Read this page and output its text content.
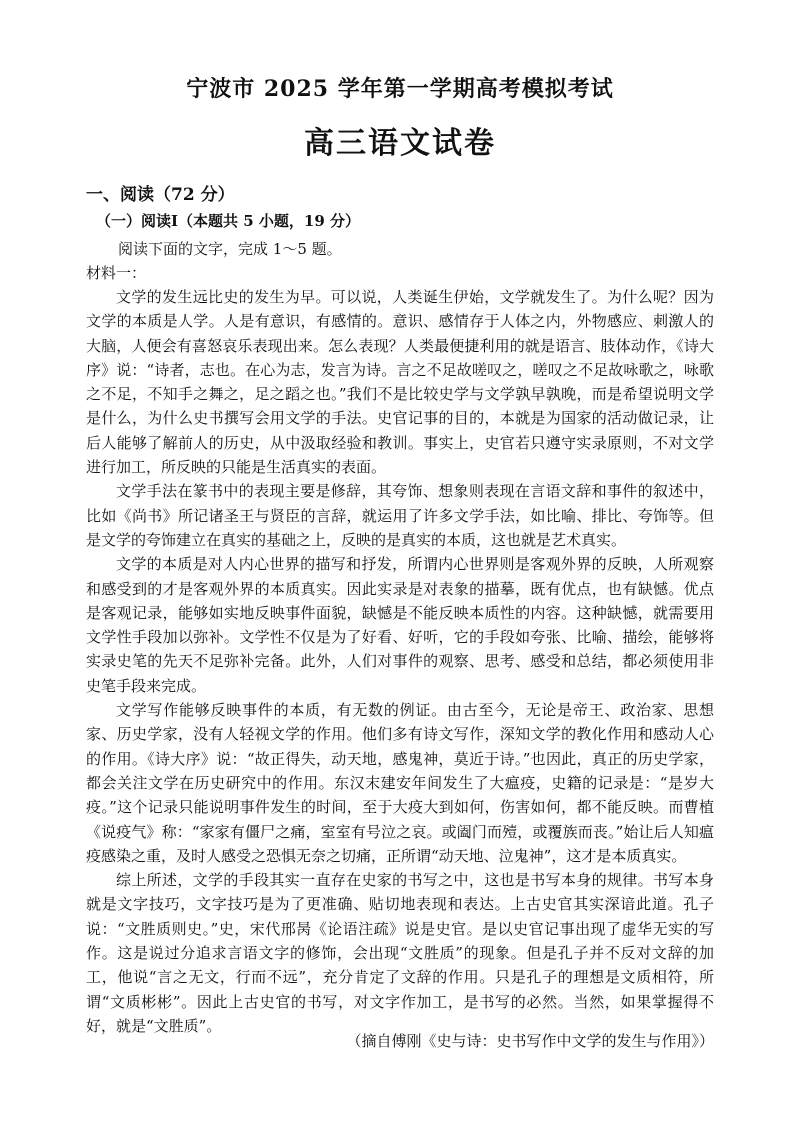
宁波市 2025 学年第一学期高考模拟考试
高三语文试卷
一、阅读（72 分）
（一）阅读Ⅰ（本题共 5 小题，19 分）
阅读下面的文字，完成 1～5 题。
材料一：

文学的发生远比史的发生为早。可以说，人类诞生伊始，文学就发生了。为什么呢？因为文学的本质是人学。人是有意识，有感情的。意识、感情存于人体之内，外物感应、刺激人的大脑，人便会有喜怒哀乐表现出来。怎么表现？人类最便捷利用的就是语言、肢体动作，《诗大序》说：“诗者，志也。在心为志，发言为诗。言之不足故嗟叹之，嗟叹之不足故咏歌之，咏歌之不足，不知手之舞之，足之蹈之也。”我们不是比较史学与文学孰早孰晚，而是希望说明文学是什么，为什么史书撰写会用文学的手法。史官记事的目的，本就是为国家的活动做记录，让后人能够了解前人的历史，从中汲取经验和教训。事实上，史官若只遵守实录原则，不对文学进行加工，所反映的只能是生活真实的表面。

文学手法在篆书中的表现主要是修辞，其夸饰、想象则表现在言语文辞和事件的叙述中，比如《尚书》所记诸圣王与贤臣的言辞，就运用了许多文学手法，如比喻、排比、夸饰等。但是文学的夸饰建立在真实的基础之上，反映的是真实的本质，这也就是艺术真实。

文学的本质是对人内心世界的描写和抒发，所谓内心世界则是客观外界的反映，人所观察和感受到的才是客观外界的本质真实。因此实录是对表象的描摹，既有优点，也有缺憾。优点是客观记录，能够如实地反映事件面貌，缺憾是不能反映本质性的内容。这种缺憾，就需要用文学性手段加以弥补。文学性不仅是为了好看、好听，它的手段如夸张、比喻、描绘，能够将实录史笔的先天不足弥补完备。此外，人们对事件的观察、思考、感受和总结，都必须使用非史笔手段来完成。

文学写作能够反映事件的本质，有无数的例证。由古至今，无论是帝王、政治家、思想家、历史学家，没有人轻视文学的作用。他们多有诗文写作，深知文学的教化作用和感动人心的作用。《诗大序》说：“故正得失，动天地，感鬼神，莫近于诗。”也因此，真正的历史学家，都会关注文学在历史研究中的作用。东汉末建安年间发生了大瘟疫，史籍的记录是：“是岁大疫。”这个记录只能说明事件发生的时间，至于大疫大到如何，伤害如何，都不能反映。而曹植《说疫气》称：“家家有僵尸之痛，室室有号泣之哀。或阖门而殪，或覆族而丧。”始让后人知瘟疫感染之重，及时人感受之恐惧无奈之切痛，正所谓“动天地、泣鬼神”，这才是本质真实。

综上所述，文学的手段其实一直存在史家的书写之中，这也是书写本身的规律。书写本身就是文字技巧，文字技巧是为了更准确、贴切地表现和表达。上古史官其实深谙此道。孔子说：“文胜质则史。”史，宋代邢昺《论语注疏》说是史官。是以史官记事出现了虚华无实的写作。这是说过分追求言语文字的修饰，会出现“文胜质”的现象。但是孔子并不反对文辞的加工，他说“言之无文，行而不远”，充分肯定了文辞的作用。只是孔子的理想是文质相符，所谓“文质彬彬”。因此上古史官的书写，对文字作加工，是书写的必然。当然，如果掌握得不好，就是“文胜质”。

（摘自傅刚《史与诗：史书写作中文学的发生与作用》）
